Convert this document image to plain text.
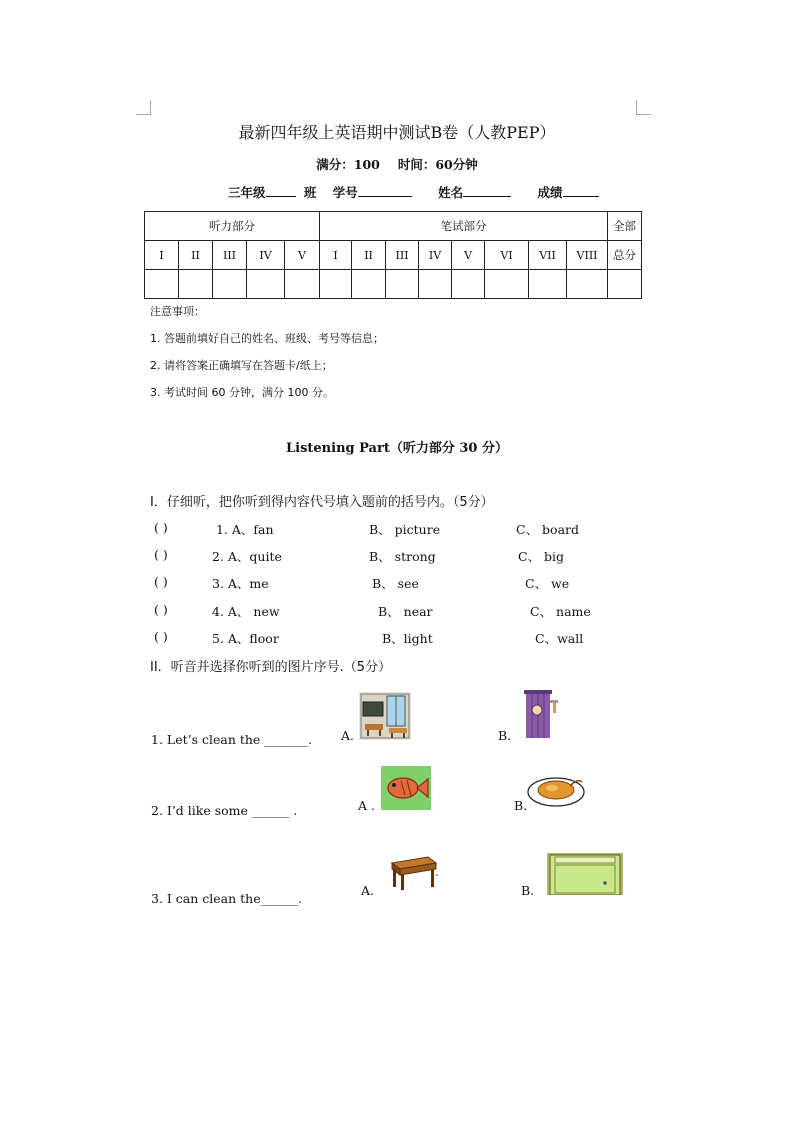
最新四年级上英语期中测试B卷（人教PEP）
满分：100 时间：60分钟
三年级	班 学号	姓名	成绩
听力部分					笔试部分								全部
I	II	III	IV	V	I	II	III	IV	V	VI	VII	VIII	总分

注意事项：
1. 答题前填好自己的姓名、班级、考号等信息；
2. 请将答案正确填写在答题卡/纸上；
3. 考试时间 60 分钟，满分 100 分。
Listening Part（听力部分 30 分）
I．仔细听，把你听到得内容代号填入题前的括号内。（5分）
( )	1. A、fan	B、 picture	C、 board
( )	2. A、quite	B、 strong	C、 big
( )	3. A、me	B、 see	C、 we
( )	4. A、 new	B、 near	C、 name
( )	5. A、floor	B、light	C、wall
II．听音并选择你听到的图片序号.（5分）
1. Let’s clean the _______. A.	B.
2. I’d like some ______ .	A .	B.
3. I can clean the______.
A.	B.
